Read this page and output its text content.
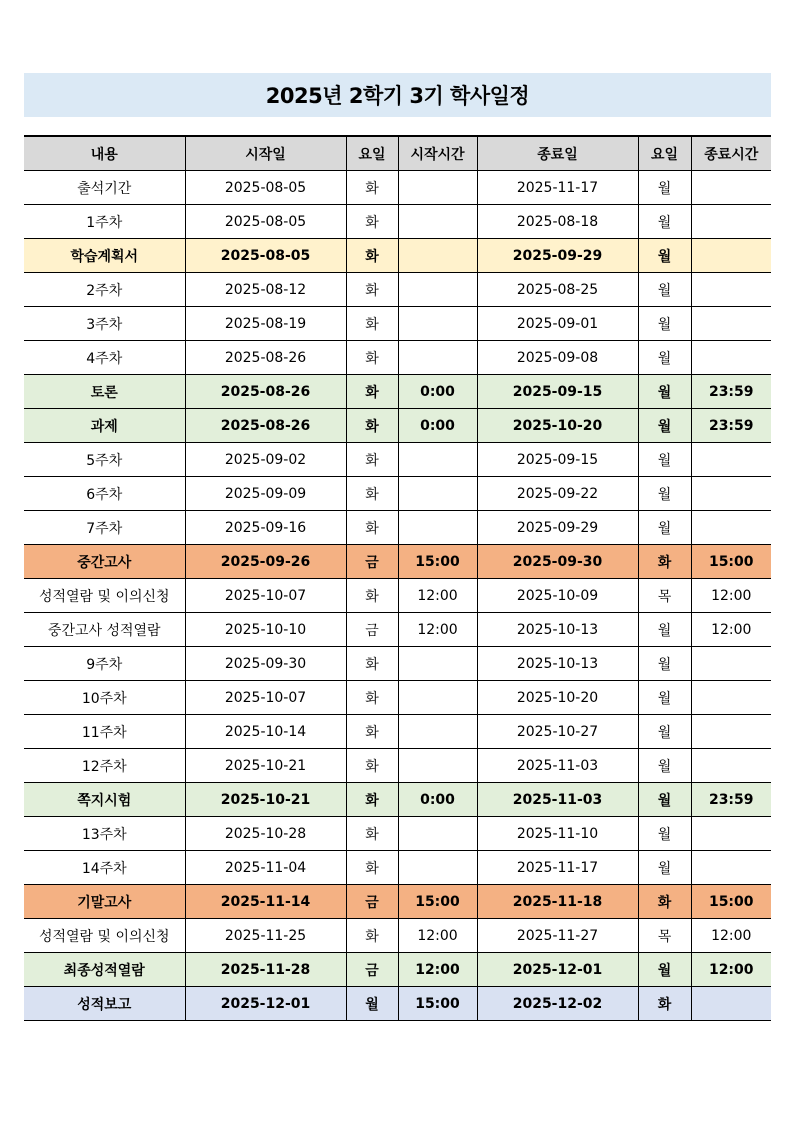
2025년 2학기 3기 학사일정
내용	시작일	요일	시작시간	종료일	요일	종료시간
출석기간	2025-08-05	화		2025-11-17	월	
1주차	2025-08-05	화		2025-08-18	월	
학습계획서	2025-08-05	화		2025-09-29	월	
2주차	2025-08-12	화		2025-08-25	월	
3주차	2025-08-19	화		2025-09-01	월	
4주차	2025-08-26	화		2025-09-08	월	
토론	2025-08-26	화	0:00	2025-09-15	월	23:59
과제	2025-08-26	화	0:00	2025-10-20	월	23:59
5주차	2025-09-02	화		2025-09-15	월	
6주차	2025-09-09	화		2025-09-22	월	
7주차	2025-09-16	화		2025-09-29	월	
중간고사	2025-09-26	금	15:00	2025-09-30	화	15:00
성적열람 및 이의신청	2025-10-07	화	12:00	2025-10-09	목	12:00
중간고사 성적열람	2025-10-10	금	12:00	2025-10-13	월	12:00
9주차	2025-09-30	화		2025-10-13	월	
10주차	2025-10-07	화		2025-10-20	월	
11주차	2025-10-14	화		2025-10-27	월	
12주차	2025-10-21	화		2025-11-03	월	
쪽지시험	2025-10-21	화	0:00	2025-11-03	월	23:59
13주차	2025-10-28	화		2025-11-10	월	
14주차	2025-11-04	화		2025-11-17	월	
기말고사	2025-11-14	금	15:00	2025-11-18	화	15:00
성적열람 및 이의신청	2025-11-25	화	12:00	2025-11-27	목	12:00
최종성적열람	2025-11-28	금	12:00	2025-12-01	월	12:00
성적보고	2025-12-01	월	15:00	2025-12-02	화	
